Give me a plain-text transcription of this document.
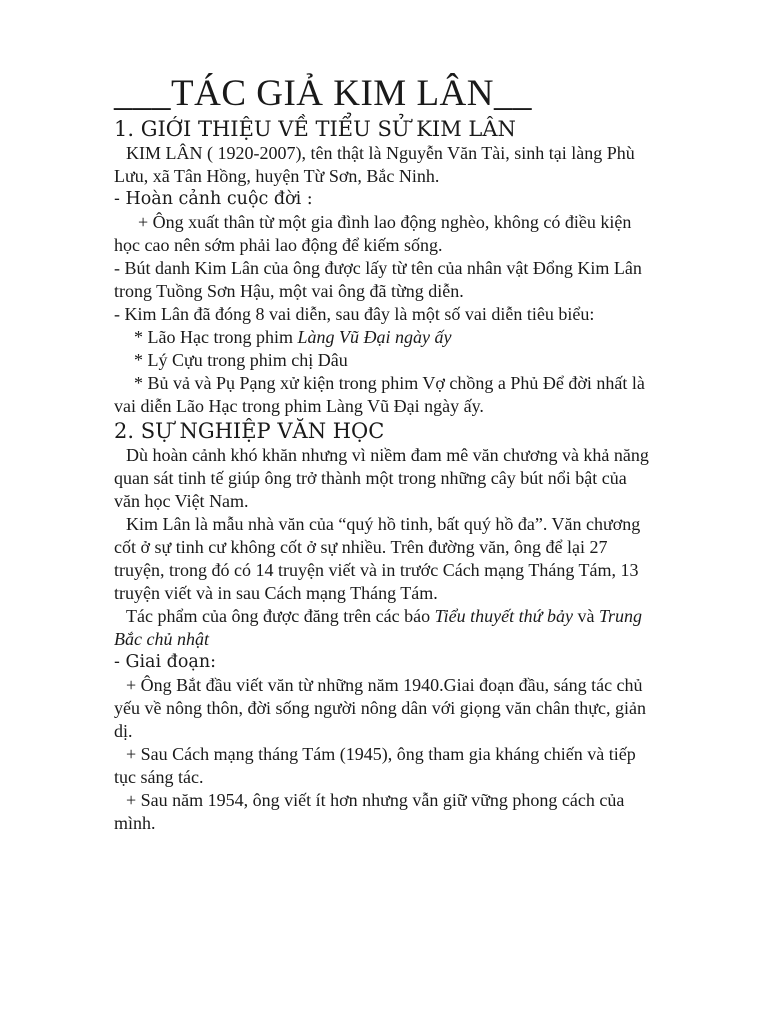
___TÁC GIẢ KIM LÂN__
1. GIỚI THIỆU VỀ TIỂU SỬ KIM LÂN

KIM LÂN ( 1920-2007), tên thật là Nguyễn Văn Tài, sinh tại làng Phù Lưu, xã Tân Hồng, huyện Từ Sơn, Bắc Ninh.

- Hoàn cảnh cuộc đời :

+ Ông xuất thân từ một gia đình lao động nghèo, không có điều kiện học cao nên sớm phải lao động để kiếm sống.

- Bút danh Kim Lân của ông được lấy từ tên của nhân vật Đổng Kim Lân trong Tuồng Sơn Hậu, một vai ông đã từng diễn.

- Kim Lân đã đóng 8 vai diễn, sau đây là một số vai diễn tiêu biểu:

* Lão Hạc trong phim Làng Vũ Đại ngày ấy

* Lý Cựu trong phim chị Dâu

* Bủ vả và Pụ Pạng xử kiện trong phim Vợ chồng a Phủ Để đời nhất là vai diễn Lão Hạc trong phim Làng Vũ Đại ngày ấy.

2. SỰ NGHIỆP VĂN HỌC

Dù hoàn cảnh khó khăn nhưng vì niềm đam mê văn chương và khả năng quan sát tinh tế giúp ông trở thành một trong những cây bút nổi bật của văn học Việt Nam.

Kim Lân là mẫu nhà văn của “quý hồ tinh, bất quý hồ đa”. Văn chương cốt ở sự tinh cư không cốt ở sự nhiều. Trên đường văn, ông để lại 27 truyện, trong đó có 14 truyện viết và in trước Cách mạng Tháng Tám, 13 truyện viết và in sau Cách mạng Tháng Tám.

Tác phẩm của ông được đăng trên các báo Tiểu thuyết thứ bảy và Trung Bắc chủ nhật

- Giai đoạn:

+ Ông Bắt đầu viết văn từ những năm 1940.Giai đoạn đầu, sáng tác chủ yếu về nông thôn, đời sống người nông dân với giọng văn chân thực, giản dị.

+ Sau Cách mạng tháng Tám (1945), ông tham gia kháng chiến và tiếp tục sáng tác.

+ Sau năm 1954, ông viết ít hơn nhưng vẫn giữ vững phong cách của mình.
